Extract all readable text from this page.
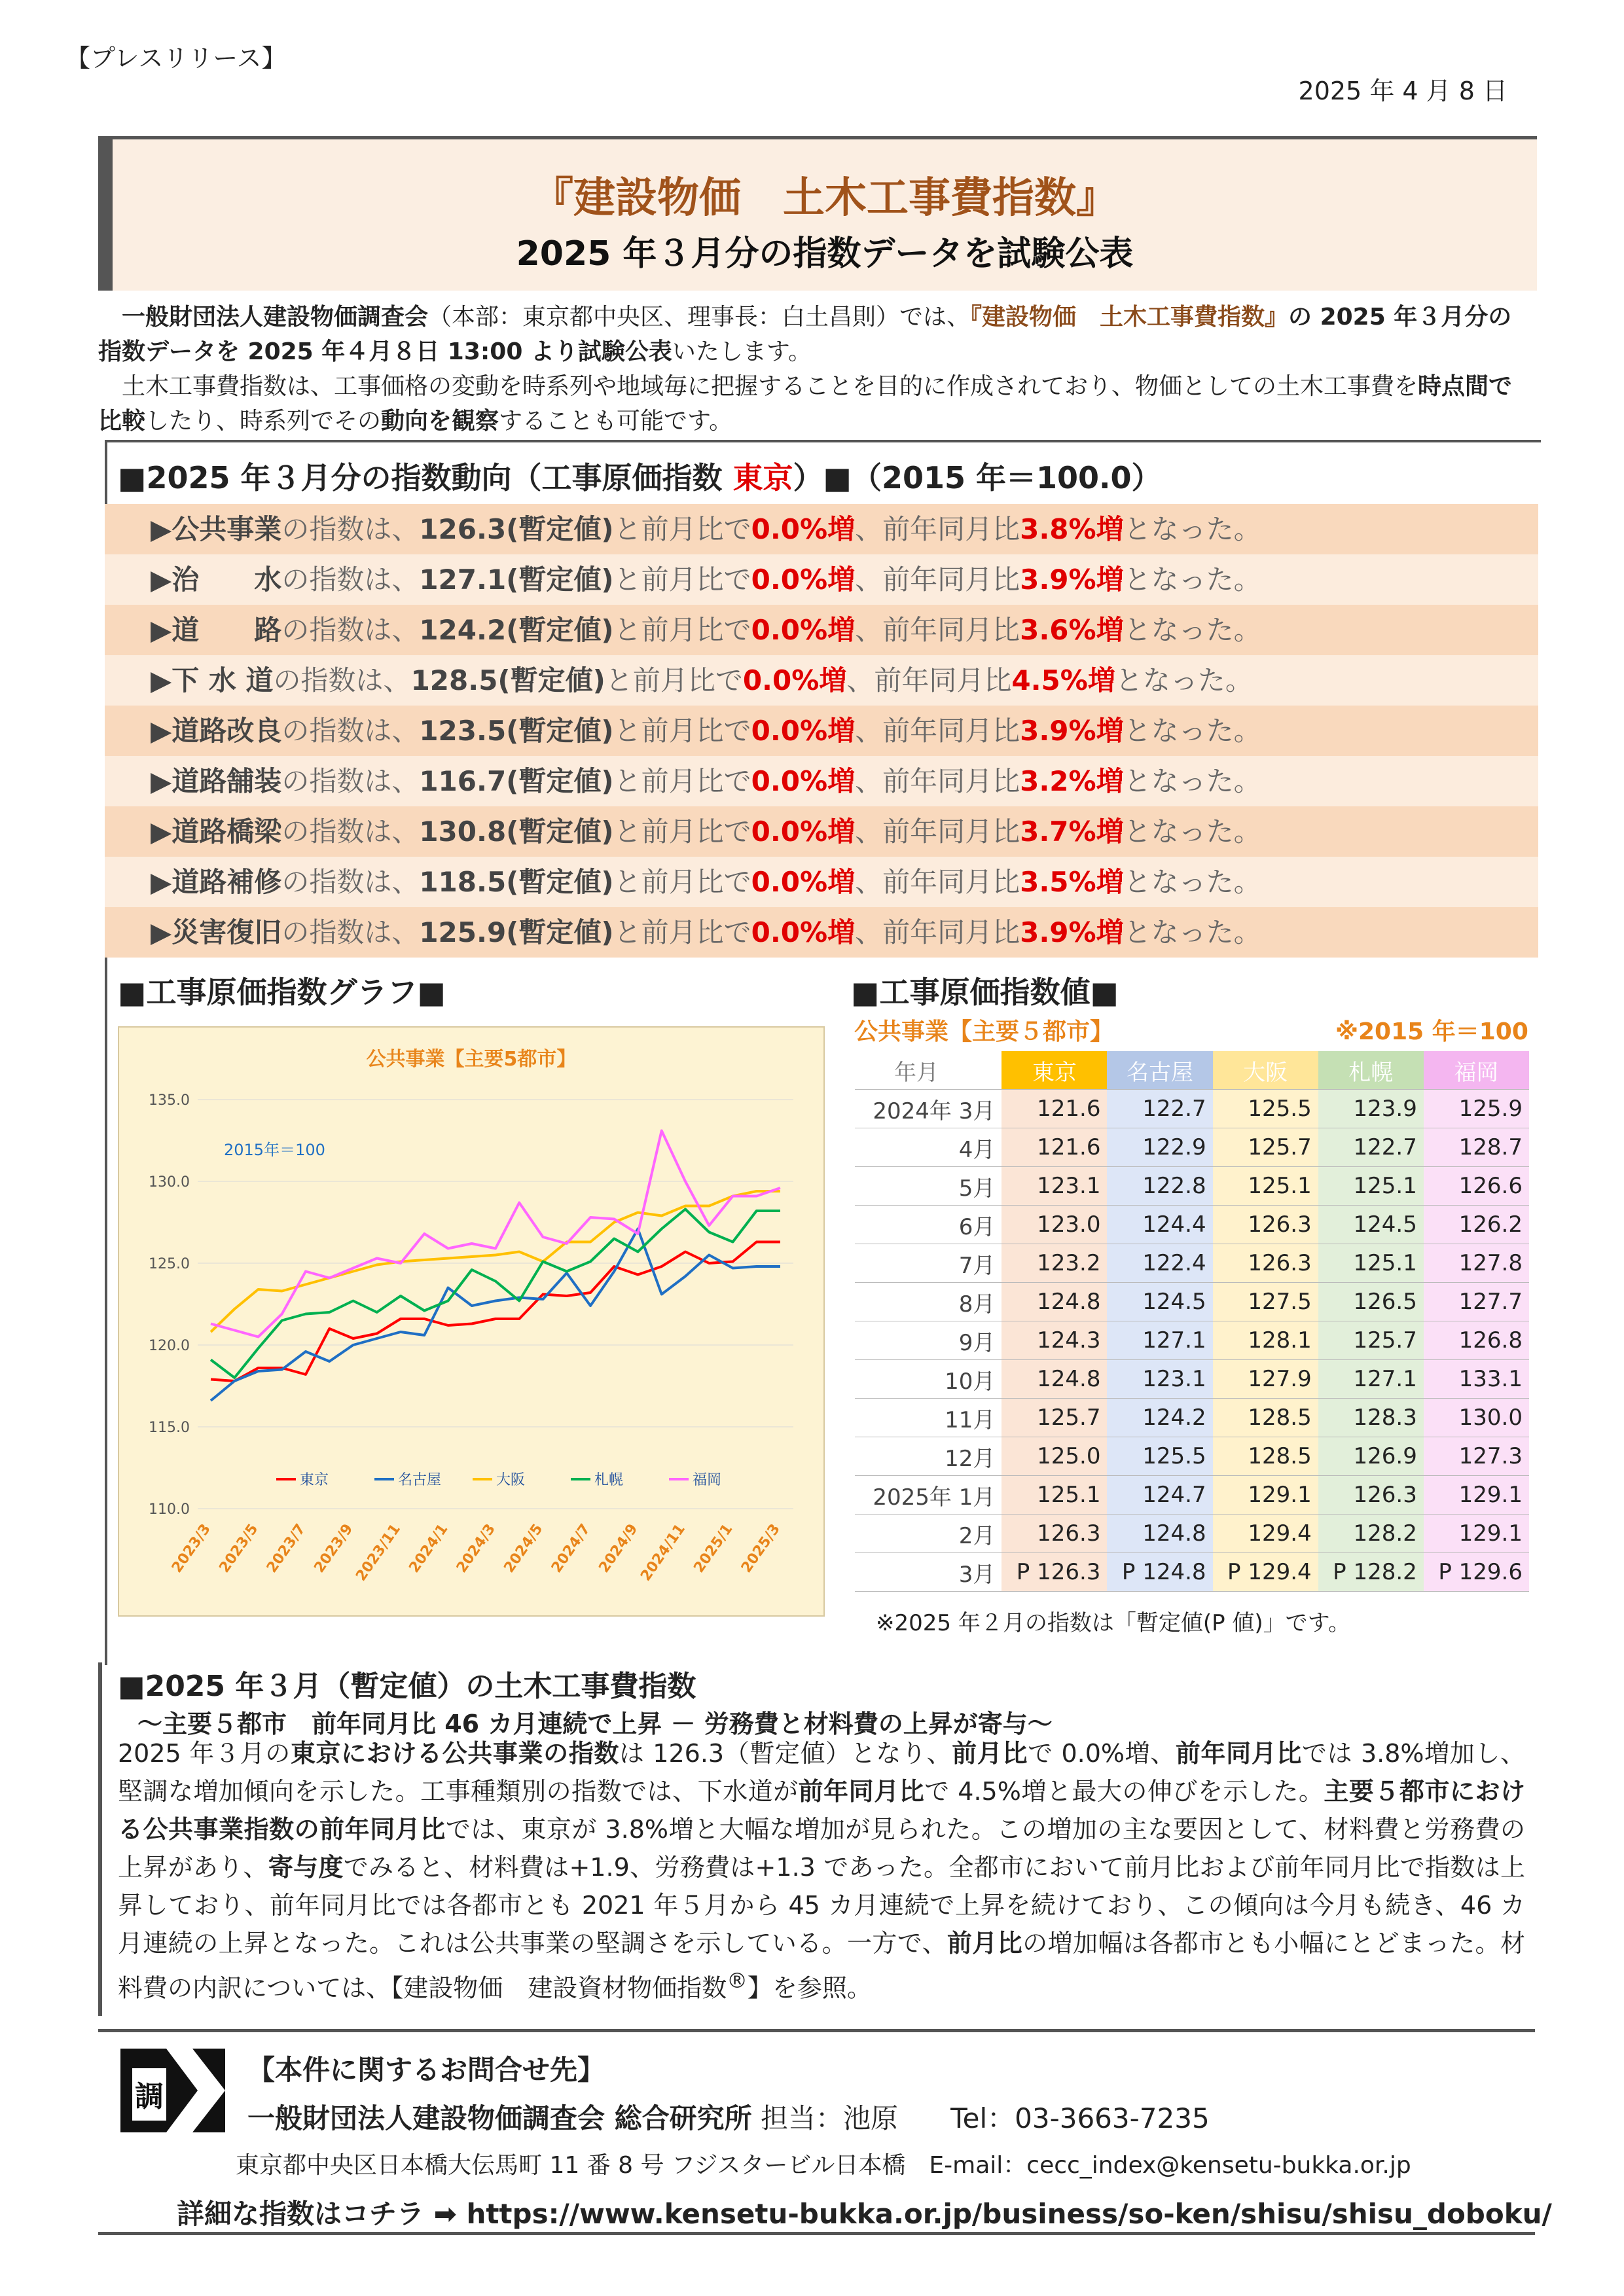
【プレスリリース】
2025 年 4 月 8 日
『建設物価　土木工事費指数』
2025 年３月分の指数データを試験公表

一般財団法人建設物価調査会（本部：東京都中央区、理事長：白土昌則）では、『建設物価　土木工事費指数』の 2025 年３月分の指数データを 2025 年４月８日 13:00 より試験公表いたします。

土木工事費指数は、工事価格の変動を時系列や地域毎に把握することを目的に作成されており、物価としての土木工事費を時点間で比較したり、時系列でその動向を観察することも可能です。

■2025 年３月分の指数動向（工事原価指数 東京）■（2015 年＝100.0）
▶公共事業の指数は、126.3(暫定値)と前月比で0.0%増、前年同月比3.8%増となった。
▶治　　水の指数は、127.1(暫定値)と前月比で0.0%増、前年同月比3.9%増となった。
▶道　　路の指数は、124.2(暫定値)と前月比で0.0%増、前年同月比3.6%増となった。
▶下 水 道の指数は、128.5(暫定値)と前月比で0.0%増、前年同月比4.5%増となった。
▶道路改良の指数は、123.5(暫定値)と前月比で0.0%増、前年同月比3.9%増となった。
▶道路舗装の指数は、116.7(暫定値)と前月比で0.0%増、前年同月比3.2%増となった。
▶道路橋梁の指数は、130.8(暫定値)と前月比で0.0%増、前年同月比3.7%増となった。
▶道路補修の指数は、118.5(暫定値)と前月比で0.0%増、前年同月比3.5%増となった。
▶災害復旧の指数は、125.9(暫定値)と前月比で0.0%増、前年同月比3.9%増となった。
■工事原価指数グラフ■
公共事業【主要5都市】
2015年＝100
135.0
130.0
125.0
120.0
115.0
110.0
2023/3 2023/5 2023/7 2023/9
2023/11 2024/1 2024/3 2024/5 2024/7 2024/9
2024/11 2025/1 2025/3
東京	名古屋	大阪	札幌	福岡
■工事原価指数値■
公共事業【主要５都市】	※2015 年＝100
年月	東京	名古屋	大阪	札幌	福岡
2024年 3月	121.6	122.7	125.5	123.9	125.9
4月	121.6	122.9	125.7	122.7	128.7
5月	123.1	122.8	125.1	125.1	126.6
6月	123.0	124.4	126.3	124.5	126.2
7月	123.2	122.4	126.3	125.1	127.8
8月	124.8	124.5	127.5	126.5	127.7
9月	124.3	127.1	128.1	125.7	126.8
10月	124.8	123.1	127.9	127.1	133.1
11月	125.7	124.2	128.5	128.3	130.0
12月	125.0	125.5	128.5	126.9	127.3
2025年 1月	125.1	124.7	129.1	126.3	129.1
2月	126.3	124.8	129.4	128.2	129.1
3月	P 126.3	P 124.8	P 129.4	P 128.2	P 129.6
※2025 年２月の指数は「暫定値(P 値)」です。
■2025 年３月（暫定値）の土木工事費指数
～主要５都市　前年同月比 46 カ月連続で上昇 － 労務費と材料費の上昇が寄与～
2025 年３月の東京における公共事業の指数は 126.3（暫定値）となり、前月比で 0.0%増、前年同月比では 3.8%増加し、堅調な増加傾向を示した。工事種類別の指数では、下水道が前年同月比で 4.5%増と最大の伸びを示した。主要５都市における公共事業指数の前年同月比では、東京が 3.8%増と大幅な増加が見られた。この増加の主な要因として、材料費と労務費の上昇があり、寄与度でみると、材料費は+1.9、労務費は+1.3 であった。全都市において前月比および前年同月比で指数は上昇しており、前年同月比では各都市とも 2021 年５月から 45 カ月連続で上昇を続けており、この傾向は今月も続き、46 カ月連続の上昇となった。これは公共事業の堅調さを示している。一方で、前月比の増加幅は各都市とも小幅にとどまった。材料費の内訳については、【建設物価　建設資材物価指数®】を参照。
調
【本件に関するお問合せ先】
一般財団法人建設物価調査会 総合研究所 担当：池原 Tel：03-3663-7235
東京都中央区日本橋大伝馬町 11 番 8 号 フジスタービル日本橋　E-mail：cecc_index@kensetu-bukka.or.jp
詳細な指数はコチラ ➡ https://www.kensetu-bukka.or.jp/business/so-ken/shisu/shisu_doboku/
